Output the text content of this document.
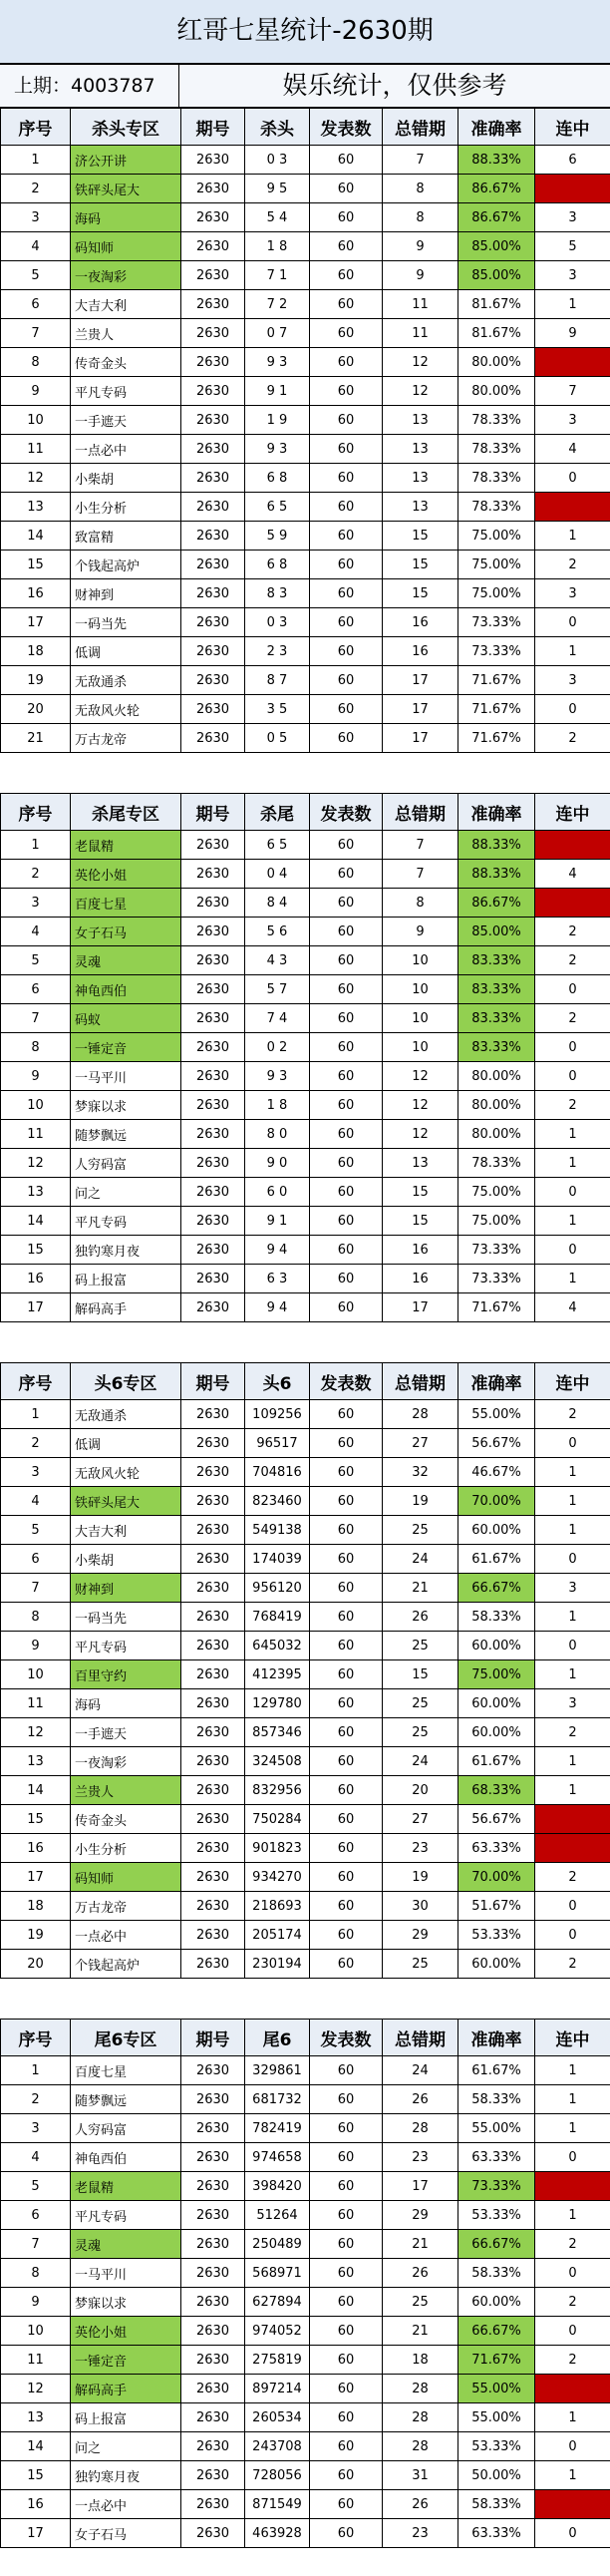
红哥七星统计-2630期
上期：4003787	娱乐统计，仅供参考
序号	杀头专区	期号	杀头	发表数	总错期	准确率	连中
1	济公开讲	2630	0 3	60	7	88.33%	6
2	铁砰头尾大	2630	9 5	60	8	86.67%	10
3	海码	2630	5 4	60	8	86.67%	3
4	码知师	2630	1 8	60	9	85.00%	5
5	一夜淘彩	2630	7 1	60	9	85.00%	3
6	大吉大利	2630	7 2	60	11	81.67%	1
7	兰贵人	2630	0 7	60	11	81.67%	9
8	传奇金头	2630	9 3	60	12	80.00%	14
9	平凡专码	2630	9 1	60	12	80.00%	7
10	一手遮天	2630	1 9	60	13	78.33%	3
11	一点必中	2630	9 3	60	13	78.33%	4
12	小柴胡	2630	6 8	60	13	78.33%	0
13	小生分析	2630	6 5	60	13	78.33%	12
14	致富精	2630	5 9	60	15	75.00%	1
15	个钱起高炉	2630	6 8	60	15	75.00%	2
16	财神到	2630	8 3	60	15	75.00%	3
17	一码当先	2630	0 3	60	16	73.33%	0
18	低调	2630	2 3	60	16	73.33%	1
19	无敌通杀	2630	8 7	60	17	71.67%	3
20	无敌风火轮	2630	3 5	60	17	71.67%	0
21	万古龙帝	2630	0 5	60	17	71.67%	2
序号	杀尾专区	期号	杀尾	发表数	总错期	准确率	连中
1	老鼠精	2630	6 5	60	7	88.33%	10
2	英伦小姐	2630	0 4	60	7	88.33%	4
3	百度七星	2630	8 4	60	8	86.67%	12
4	女子石马	2630	5 6	60	9	85.00%	2
5	灵魂	2630	4 3	60	10	83.33%	2
6	神龟西伯	2630	5 7	60	10	83.33%	0
7	码蚁	2630	7 4	60	10	83.33%	2
8	一锤定音	2630	0 2	60	10	83.33%	0
9	一马平川	2630	9 3	60	12	80.00%	0
10	梦寐以求	2630	1 8	60	12	80.00%	2
11	随梦飘远	2630	8 0	60	12	80.00%	1
12	人穷码富	2630	9 0	60	13	78.33%	1
13	问之	2630	6 0	60	15	75.00%	0
14	平凡专码	2630	9 1	60	15	75.00%	1
15	独钓寒月夜	2630	9 4	60	16	73.33%	0
16	码上报富	2630	6 3	60	16	73.33%	1
17	解码高手	2630	9 4	60	17	71.67%	4
序号	头6专区	期号	头6	发表数	总错期	准确率	连中
1	无敌通杀	2630	109256	60	28	55.00%	2
2	低调	2630	96517	60	27	56.67%	0
3	无敌风火轮	2630	704816	60	32	46.67%	1
4	铁砰头尾大	2630	823460	60	19	70.00%	1
5	大吉大利	2630	549138	60	25	60.00%	1
6	小柴胡	2630	174039	60	24	61.67%	0
7	财神到	2630	956120	60	21	66.67%	3
8	一码当先	2630	768419	60	26	58.33%	1
9	平凡专码	2630	645032	60	25	60.00%	0
10	百里守约	2630	412395	60	15	75.00%	1
11	海码	2630	129780	60	25	60.00%	3
12	一手遮天	2630	857346	60	25	60.00%	2
13	一夜淘彩	2630	324508	60	24	61.67%	1
14	兰贵人	2630	832956	60	20	68.33%	1
15	传奇金头	2630	750284	60	27	56.67%	12
16	小生分析	2630	901823	60	23	63.33%	4
17	码知师	2630	934270	60	19	70.00%	2
18	万古龙帝	2630	218693	60	30	51.67%	0
19	一点必中	2630	205174	60	29	53.33%	0
20	个钱起高炉	2630	230194	60	25	60.00%	2
序号	尾6专区	期号	尾6	发表数	总错期	准确率	连中
1	百度七星	2630	329861	60	24	61.67%	1
2	随梦飘远	2630	681732	60	26	58.33%	1
3	人穷码富	2630	782419	60	28	55.00%	1
4	神龟西伯	2630	974658	60	23	63.33%	0
5	老鼠精	2630	398420	60	17	73.33%	3
6	平凡专码	2630	51264	60	29	53.33%	1
7	灵魂	2630	250489	60	21	66.67%	2
8	一马平川	2630	568971	60	26	58.33%	0
9	梦寐以求	2630	627894	60	25	60.00%	2
10	英伦小姐	2630	974052	60	21	66.67%	0
11	一锤定音	2630	275819	60	18	71.67%	2
12	解码高手	2630	897214	60	28	55.00%	4
13	码上报富	2630	260534	60	28	55.00%	1
14	问之	2630	243708	60	28	53.33%	0
15	独钓寒月夜	2630	728056	60	31	50.00%	1
16	一点必中	2630	871549	60	26	58.33%	4
17	女子石马	2630	463928	60	23	63.33%	0
